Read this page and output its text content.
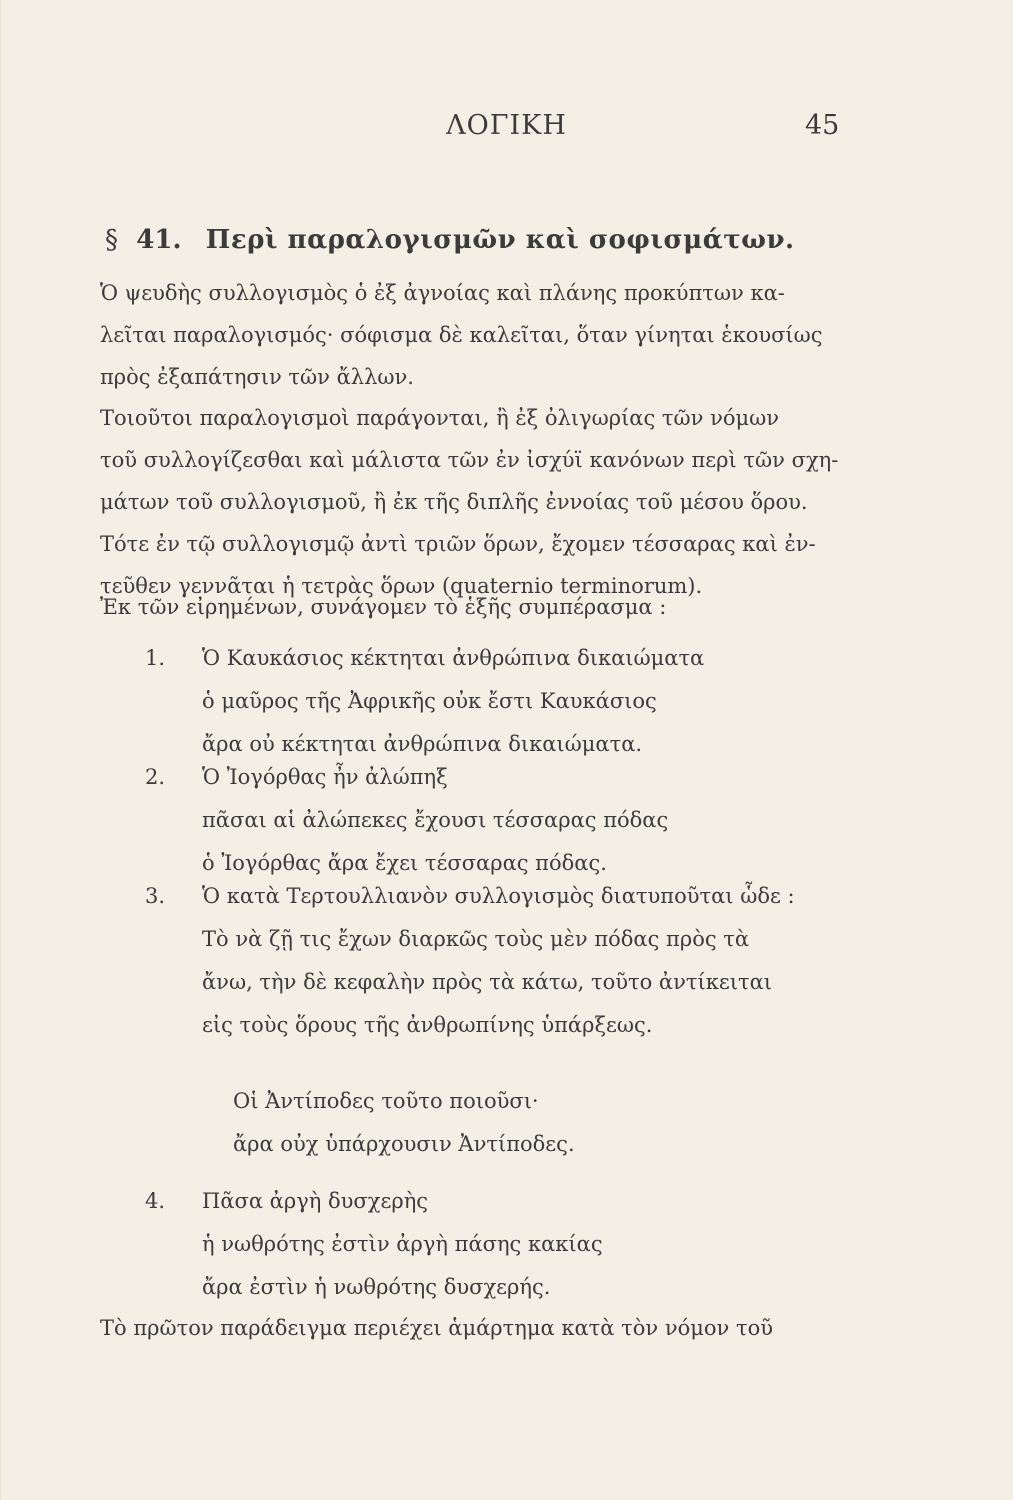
ΛΟΓΙΚΗ	45
§ 41. Περὶ παραλογισμῶν καὶ σοφισμάτων.
Ὁ ψευδὴς συλλογισμὸς ὁ ἐξ ἀγνοίας καὶ πλάνης προκύπτων κα-
λεῖται παραλογισμός· σόφισμα δὲ καλεῖται, ὅταν γίνηται ἑκουσίως
πρὸς ἐξαπάτησιν τῶν ἄλλων.
Τοιοῦτοι παραλογισμοὶ παράγονται, ἢ ἐξ ὀλιγωρίας τῶν νόμων
τοῦ συλλογίζεσθαι καὶ μάλιστα τῶν ἐν ἰσχύϊ κανόνων περὶ τῶν σχη-
μάτων τοῦ συλλογισμοῦ, ἢ ἐκ τῆς διπλῆς ἐννοίας τοῦ μέσου ὅρου.
Τότε ἐν τῷ συλλογισμῷ ἀντὶ τριῶν ὅρων, ἔχομεν τέσσαρας καὶ ἐν-
τεῦθεν γεννᾶται ἡ τετρὰς ὅρων (quaternio terminorum).
Ἐκ τῶν εἰρημένων, συνάγομεν τὸ ἑξῆς συμπέρασμα :
1.	Ὁ Καυκάσιος κέκτηται ἀνθρώπινα δικαιώματα
ὁ μαῦρος τῆς Ἀφρικῆς οὐκ ἔστι Καυκάσιος
ἄρα οὐ κέκτηται ἀνθρώπινα δικαιώματα.
2.	Ὁ Ἰογόρθας ἦν ἀλώπηξ
πᾶσαι αἱ ἀλώπεκες ἔχουσι τέσσαρας πόδας
ὁ Ἰογόρθας ἄρα ἔχει τέσσαρας πόδας.
3.	Ὁ κατὰ Τερτουλλιανὸν συλλογισμὸς διατυποῦται ὧδε :
Τὸ νὰ ζῇ τις ἔχων διαρκῶς τοὺς μὲν πόδας πρὸς τὰ
ἄνω, τὴν δὲ κεφαλὴν πρὸς τὰ κάτω, τοῦτο ἀντίκειται
εἰς τοὺς ὅρους τῆς ἀνθρωπίνης ὑπάρξεως.
Οἱ Ἀντίποδες τοῦτο ποιοῦσι·
ἄρα οὐχ ὑπάρχουσιν Ἀντίποδες.
4.	Πᾶσα ἀργὴ δυσχερὴς
ἡ νωθρότης ἐστὶν ἀργὴ πάσης κακίας
ἄρα ἐστὶν ἡ νωθρότης δυσχερής.
Τὸ πρῶτον παράδειγμα περιέχει ἁμάρτημα κατὰ τὸν νόμον τοῦ
